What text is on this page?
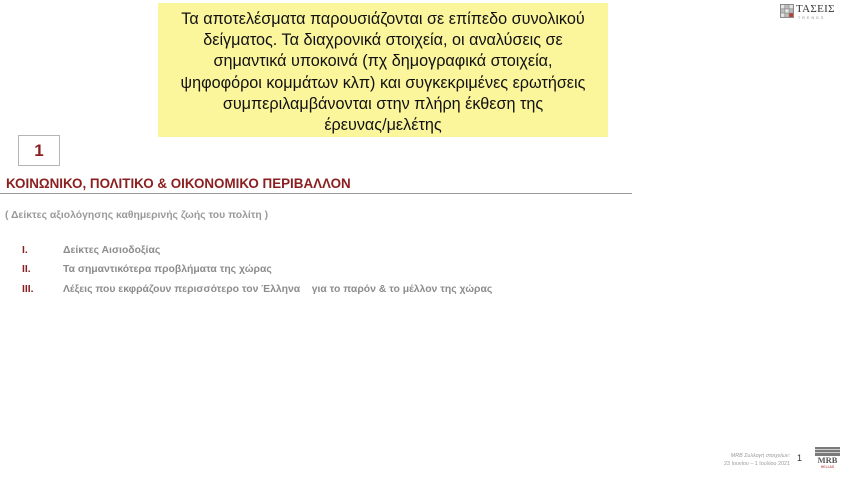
ΤΑΣΕΙΣ
TRENDS
Τα αποτελέσματα παρουσιάζονται σε επίπεδο συνολικού
δείγματος. Τα διαχρονικά στοιχεία, οι αναλύσεις σε
σημαντικά υποκοινά (πχ δημογραφικά στοιχεία,
ψηφοφόροι κομμάτων κλπ) και συγκεκριμένες ερωτήσεις
συμπεριλαμβάνονται στην πλήρη έκθεση της
έρευνας/μελέτης
1
ΚΟΙΝΩΝΙΚΟ, ΠΟΛΙΤΙΚΟ & ΟΙΚΟΝΟΜΙΚΟ ΠΕΡΙΒΑΛΛΟΝ
( Δείκτες αξιολόγησης καθημερινής ζωής του πολίτη )
I.	Δείκτες Αισιοδοξίας
II.	Τα σημαντικότερα προβλήματα της χώρας
III.	Λέξεις που εκφράζουν περισσότερο τον Έλληνα    για το παρόν & το μέλλον της χώρας
MRB Συλλογή στοιχείων:
23 Ιουνίου – 1 Ιουλίου 2021
1	MRB
HELLAS
